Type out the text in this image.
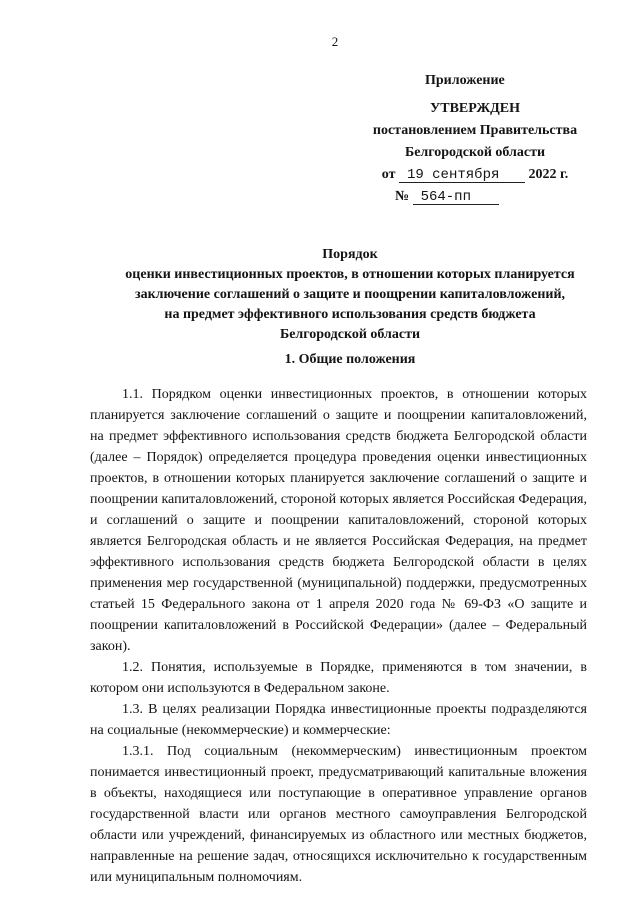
2
Приложение
УТВЕРЖДЕН
постановлением Правительства
Белгородской области
от 19 сентября 2022 г.
№ 564-пп
Порядок
оценки инвестиционных проектов, в отношении которых планируется
заключение соглашений о защите и поощрении капиталовложений,
на предмет эффективного использования средств бюджета
Белгородской области
1. Общие положения

1.1. Порядком оценки инвестиционных проектов, в отношении которых планируется заключение соглашений о защите и поощрении капиталовложений, на предмет эффективного использования средств бюджета Белгородской области (далее – Порядок) определяется процедура проведения оценки инвестиционных проектов, в отношении которых планируется заключение соглашений о защите и поощрении капиталовложений, стороной которых является Российская Федерация, и соглашений о защите и поощрении капиталовложений, стороной которых является Белгородская область и не является Российская Федерация, на предмет эффективного использования средств бюджета Белгородской области в целях применения мер государственной (муниципальной) поддержки, предусмотренных статьей 15 Федерального закона от 1 апреля 2020 года № 69-ФЗ «О защите и поощрении капиталовложений в Российской Федерации» (далее – Федеральный закон).

1.2. Понятия, используемые в Порядке, применяются в том значении, в котором они используются в Федеральном законе.

1.3. В целях реализации Порядка инвестиционные проекты подразделяются на социальные (некоммерческие) и коммерческие:

1.3.1. Под социальным (некоммерческим) инвестиционным проектом понимается инвестиционный проект, предусматривающий капитальные вложения в объекты, находящиеся или поступающие в оперативное управление органов государственной власти или органов местного самоуправления Белгородской области или учреждений, финансируемых из областного или местных бюджетов, направленные на решение задач, относящихся исключительно к государственным или муниципальным полномочиям.
